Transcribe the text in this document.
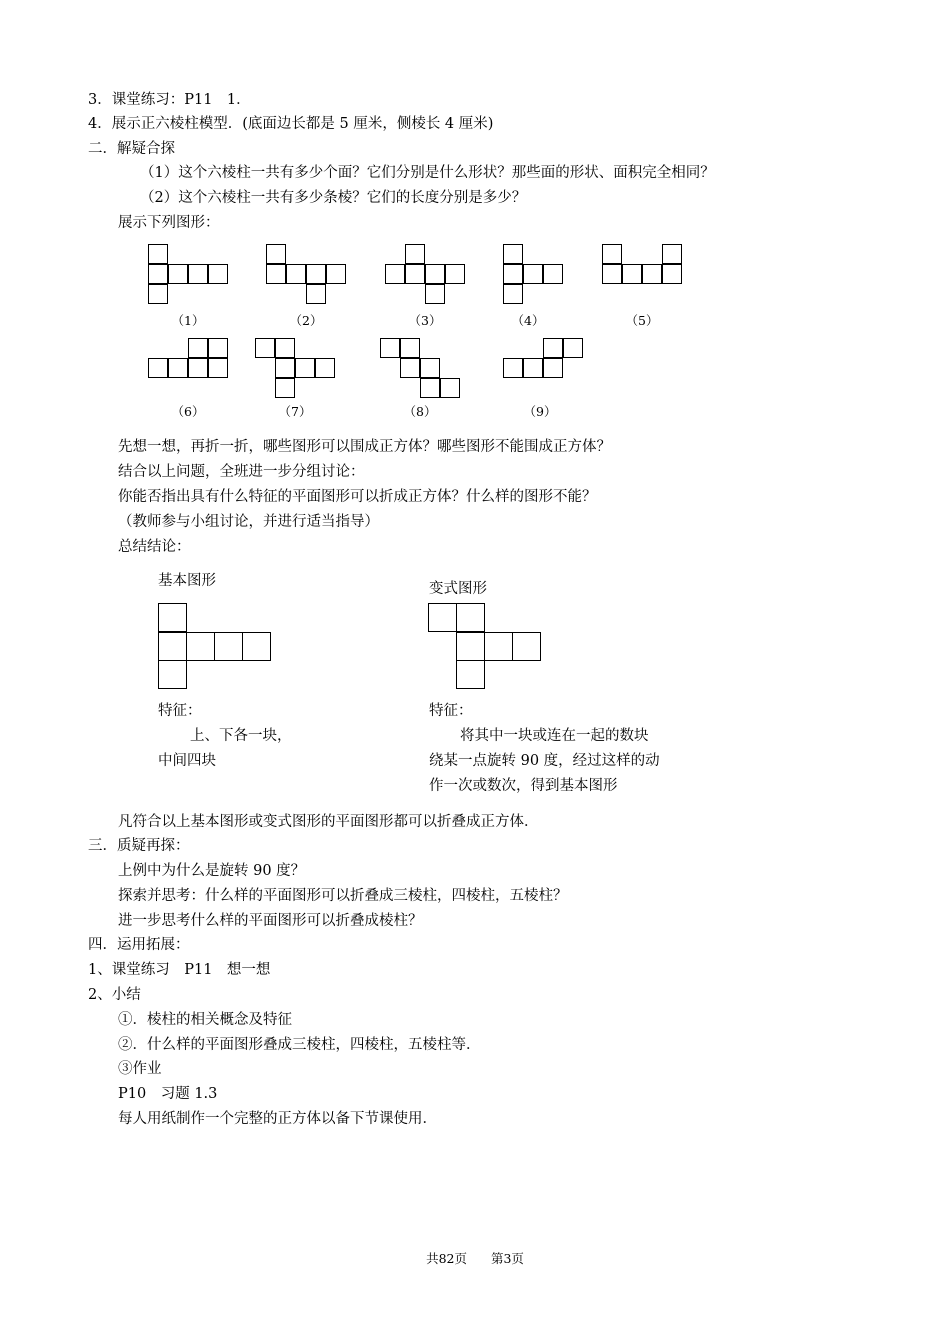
3．课堂练习：P11　1．
4．展示正六棱柱模型．(底面边长都是 5 厘米，侧棱长 4 厘米)
二．解疑合探
（1）这个六棱柱一共有多少个面？它们分别是什么形状？那些面的形状、面积完全相同？
（2）这个六棱柱一共有多少条棱？它们的长度分别是多少？
展示下列图形：
（1）	（2）	（3）	（4）	（5）
（6）	（7）	（8）	（9）
先想一想，再折一折，哪些图形可以围成正方体？哪些图形不能围成正方体？
结合以上问题，全班进一步分组讨论：
你能否指出具有什么特征的平面图形可以折成正方体？什么样的图形不能？
（教师参与小组讨论，并进行适当指导）
总结结论：
基本图形	变式图形
特征：
上、下各一块，
中间四块
特征：
将其中一块或连在一起的数块
绕某一点旋转 90 度，经过这样的动
作一次或数次，得到基本图形
凡符合以上基本图形或变式图形的平面图形都可以折叠成正方体．
三．质疑再探：
上例中为什么是旋转 90 度？
探索并思考：什么样的平面图形可以折叠成三棱柱，四棱柱，五棱柱？
进一步思考什么样的平面图形可以折叠成棱柱？
四．运用拓展：
1、课堂练习　P11　想一想
2、小结
①．棱柱的相关概念及特征
②．什么样的平面图形叠成三棱柱，四棱柱，五棱柱等．
③作业
P10　习题 1.3
每人用纸制作一个完整的正方体以备下节课使用．
共82页 第3页
